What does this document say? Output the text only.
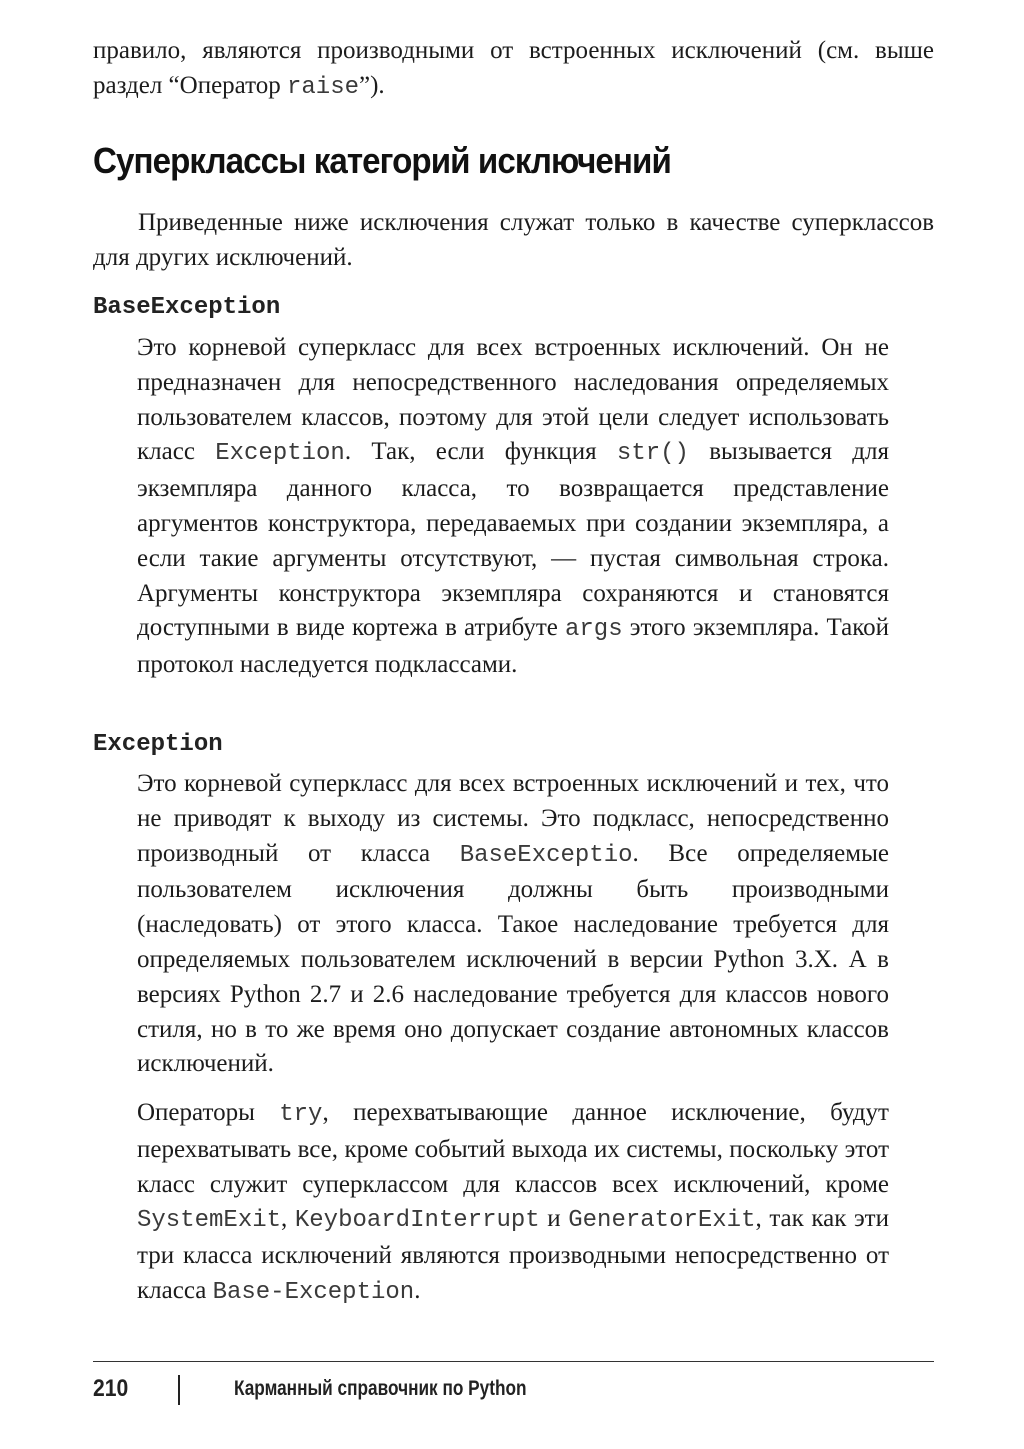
правило, являются производными от встроенных исключений (см. выше раздел “Оператор raise”).

Суперклассы категорий исключений

Приведенные ниже исключения служат только в качестве суперклассов для других исключений.

BaseException

Это корневой суперкласс для всех встроенных исключений. Он не предназначен для непосредственного наследования определяемых пользователем классов, поэтому для этой цели следует использовать класс Exception. Так, если функция str() вызывается для экземпляра данного класса, то возвращается представление аргументов конструктора, передаваемых при создании экземпляра, а если такие аргументы отсутствуют, — пустая символьная строка. Аргументы конструктора экземпляра сохраняются и становятся доступными в виде кортежа в атрибуте args этого экземпляра. Такой протокол наследуется подклассами.

Exception

Это корневой суперкласс для всех встроенных исключений и тех, что не приводят к выходу из системы. Это подкласс, непосредственно производный от класса BaseExceptio. Все определяемые пользователем исключения должны быть производными (наследовать) от этого класса. Такое наследование требуется для определяемых пользователем исключений в версии Python 3.X. А в версиях Python 2.7 и 2.6 наследование требуется для классов нового стиля, но в то же время оно допускает создание автономных классов исключений.

Операторы try, перехватывающие данное исключение, будут перехватывать все, кроме событий выхода их системы, поскольку этот класс служит суперклассом для классов всех исключений, кроме SystemExit, KeyboardInterrupt и GeneratorExit, так как эти три класса исключений являются производными непосредственно от класса Base-Exception.

210	Карманный справочник по Python
